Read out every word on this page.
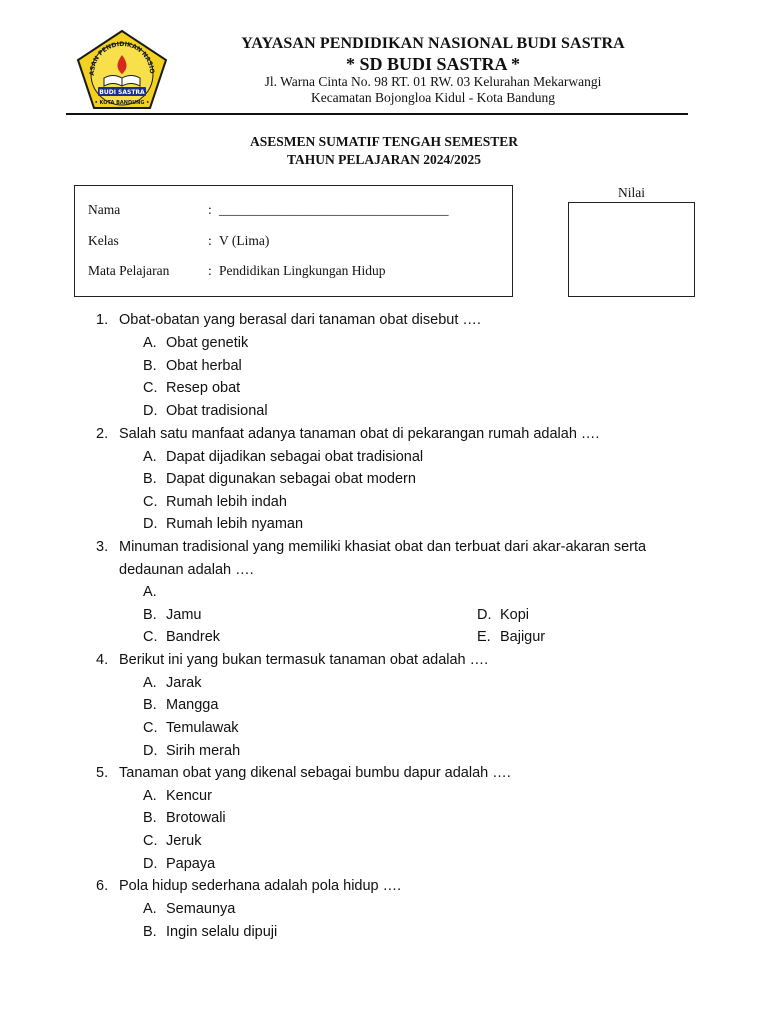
ASAN PENDIDIKAN NASIO
BUDI SASTRA
• KOTA BANDUNG •
YAYASAN PENDIDIKAN NASIONAL BUDI SASTRA
* SD BUDI SASTRA *
Jl. Warna Cinta No. 98 RT. 01 RW. 03 Kelurahan Mekarwangi
Kecamatan Bojongloa Kidul - Kota Bandung
ASESMEN SUMATIF TENGAH SEMESTER
TAHUN PELAJARAN 2024/2025
Nama	: __________________________________
Kelas	: V (Lima)
Mata Pelajaran	: Pendidikan Lingkungan Hidup
Nilai
1. Obat-obatan yang berasal dari tanaman obat disebut ….
A. Obat genetik
B. Obat herbal
C. Resep obat
D. Obat tradisional
2. Salah satu manfaat adanya tanaman obat di pekarangan rumah adalah ….
A. Dapat dijadikan sebagai obat tradisional
B. Dapat digunakan sebagai obat modern
C. Rumah lebih indah
D. Rumah lebih nyaman
3. Minuman tradisional yang memiliki khasiat obat dan terbuat dari akar-akaran serta
dedaunan adalah ….
A.
B. Jamu	D. Kopi
C. Bandrek	E. Bajigur
4. Berikut ini yang bukan termasuk tanaman obat adalah ….
A. Jarak
B. Mangga
C. Temulawak
D. Sirih merah
5. Tanaman obat yang dikenal sebagai bumbu dapur adalah ….
A. Kencur
B. Brotowali
C. Jeruk
D. Papaya
6. Pola hidup sederhana adalah pola hidup ….
A. Semaunya
B. Ingin selalu dipuji
